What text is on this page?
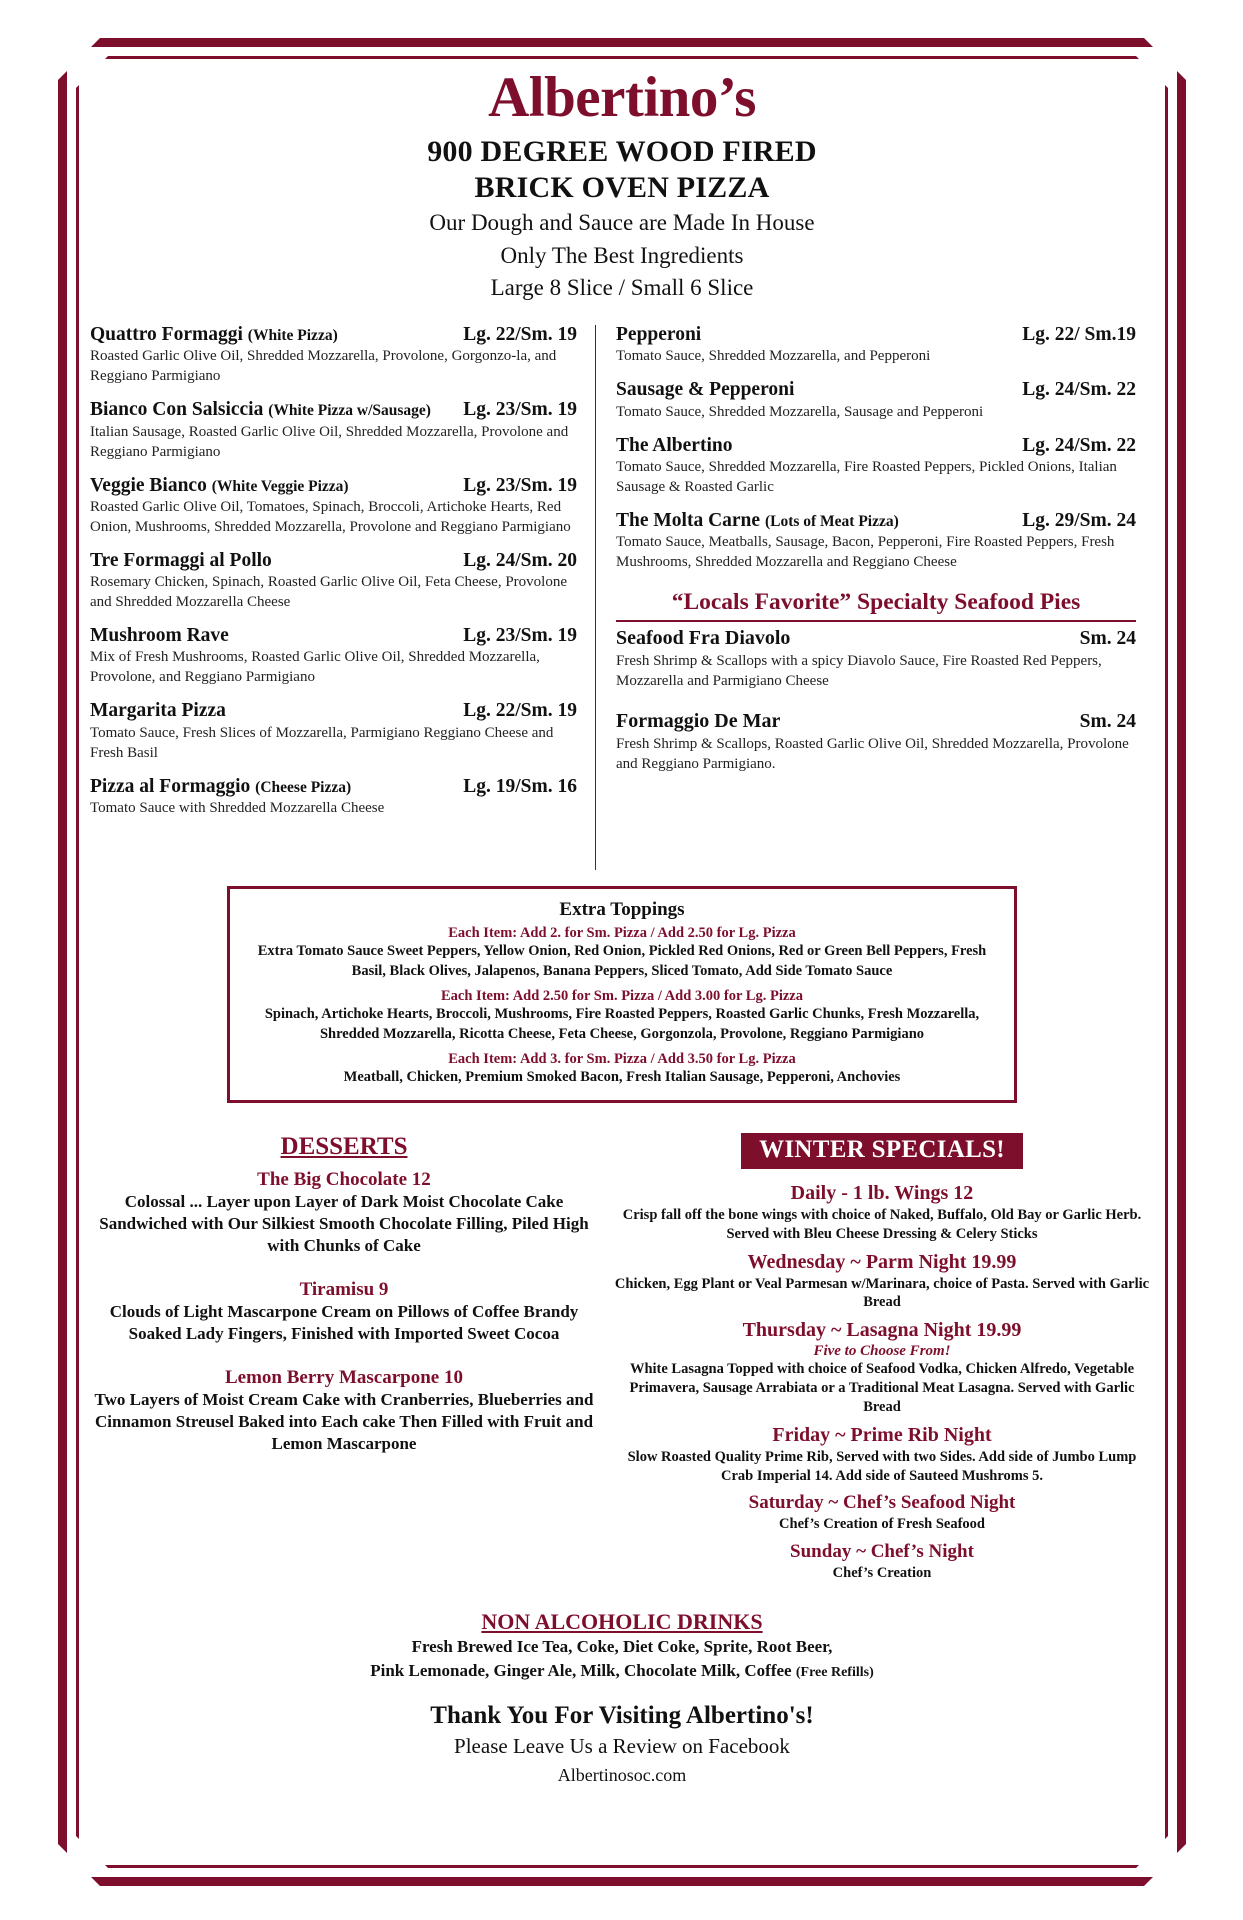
Albertino’s
900 DEGREE WOOD FIRED
BRICK OVEN PIZZA
Our Dough and Sauce are Made In House
Only The Best Ingredients
Large 8 Slice / Small 6 Slice
Quattro Formaggi (White Pizza)	Lg. 22/Sm. 19
Roasted Garlic Olive Oil, Shredded Mozzarella, Provolone, Gorgonzo-la, and Reggiano Parmigiano
Bianco Con Salsiccia (White Pizza w/Sausage)	Lg. 23/Sm. 19
Italian Sausage, Roasted Garlic Olive Oil, Shredded Mozzarella, Provolone and Reggiano Parmigiano
Veggie Bianco (White Veggie Pizza)	Lg. 23/Sm. 19
Roasted Garlic Olive Oil, Tomatoes, Spinach, Broccoli, Artichoke Hearts, Red Onion, Mushrooms, Shredded Mozzarella, Provolone and Reggiano Parmigiano
Tre Formaggi al Pollo	Lg. 24/Sm. 20
Rosemary Chicken, Spinach, Roasted Garlic Olive Oil, Feta Cheese, Provolone and Shredded Mozzarella Cheese
Mushroom Rave	Lg. 23/Sm. 19
Mix of Fresh Mushrooms, Roasted Garlic Olive Oil, Shredded Mozzarella, Provolone, and Reggiano Parmigiano
Margarita Pizza	Lg. 22/Sm. 19
Tomato Sauce, Fresh Slices of Mozzarella, Parmigiano Reggiano Cheese and Fresh Basil
Pizza al Formaggio (Cheese Pizza)	Lg. 19/Sm. 16
Tomato Sauce with Shredded Mozzarella Cheese
Pepperoni	Lg. 22/ Sm.19
Tomato Sauce, Shredded Mozzarella, and Pepperoni
Sausage & Pepperoni	Lg. 24/Sm. 22
Tomato Sauce, Shredded Mozzarella, Sausage and Pepperoni
The Albertino	Lg. 24/Sm. 22
Tomato Sauce, Shredded Mozzarella, Fire Roasted Peppers, Pickled Onions, Italian Sausage & Roasted Garlic
The Molta Carne (Lots of Meat Pizza)	Lg. 29/Sm. 24
Tomato Sauce, Meatballs, Sausage, Bacon, Pepperoni, Fire Roasted Peppers, Fresh Mushrooms, Shredded Mozzarella and Reggiano Cheese
“Locals Favorite” Specialty Seafood Pies
Seafood Fra Diavolo	Sm. 24
Fresh Shrimp & Scallops with a spicy Diavolo Sauce, Fire Roasted Red Peppers, Mozzarella and Parmigiano Cheese
Formaggio De Mar	Sm. 24
Fresh Shrimp & Scallops, Roasted Garlic Olive Oil, Shredded Mozzarella, Provolone and Reggiano Parmigiano.
Extra Toppings
Each Item: Add 2. for Sm. Pizza / Add 2.50 for Lg. Pizza
Extra Tomato Sauce Sweet Peppers, Yellow Onion, Red Onion, Pickled Red Onions, Red or Green Bell Peppers, Fresh Basil, Black Olives, Jalapenos, Banana Peppers, Sliced Tomato, Add Side Tomato Sauce
Each Item: Add 2.50 for Sm. Pizza / Add 3.00 for Lg. Pizza
Spinach, Artichoke Hearts, Broccoli, Mushrooms, Fire Roasted Peppers, Roasted Garlic Chunks, Fresh Mozzarella, Shredded Mozzarella, Ricotta Cheese, Feta Cheese, Gorgonzola, Provolone, Reggiano Parmigiano
Each Item: Add 3. for Sm. Pizza / Add 3.50 for Lg. Pizza
Meatball, Chicken, Premium Smoked Bacon, Fresh Italian Sausage, Pepperoni, Anchovies
DESSERTS
The Big Chocolate 12
Colossal ... Layer upon Layer of Dark Moist Chocolate Cake Sandwiched with Our Silkiest Smooth Chocolate Filling, Piled High with Chunks of Cake
Tiramisu 9
Clouds of Light Mascarpone Cream on Pillows of Coffee Brandy Soaked Lady Fingers, Finished with Imported Sweet Cocoa
Lemon Berry Mascarpone 10
Two Layers of Moist Cream Cake with Cranberries, Blueberries and Cinnamon Streusel Baked into Each cake Then Filled with Fruit and Lemon Mascarpone
WINTER SPECIALS!
Daily - 1 lb. Wings 12
Crisp fall off the bone wings with choice of Naked, Buffalo, Old Bay or Garlic Herb. Served with Bleu Cheese Dressing & Celery Sticks
Wednesday ~ Parm Night 19.99
Chicken, Egg Plant or Veal Parmesan w/Marinara, choice of Pasta. Served with Garlic Bread
Thursday ~ Lasagna Night 19.99
Five to Choose From!
White Lasagna Topped with choice of Seafood Vodka, Chicken Alfredo, Vegetable Primavera, Sausage Arrabiata or a Traditional Meat Lasagna. Served with Garlic Bread
Friday ~ Prime Rib Night
Slow Roasted Quality Prime Rib, Served with two Sides. Add side of Jumbo Lump Crab Imperial 14. Add side of Sauteed Mushroms 5.
Saturday ~ Chef’s Seafood Night
Chef’s Creation of Fresh Seafood
Sunday ~ Chef’s Night
Chef’s Creation
NON ALCOHOLIC DRINKS
Fresh Brewed Ice Tea, Coke, Diet Coke, Sprite, Root Beer,
Pink Lemonade, Ginger Ale, Milk, Chocolate Milk, Coffee (Free Refills)
Thank You For Visiting Albertino's!
Please Leave Us a Review on Facebook
Albertinosoc.com
